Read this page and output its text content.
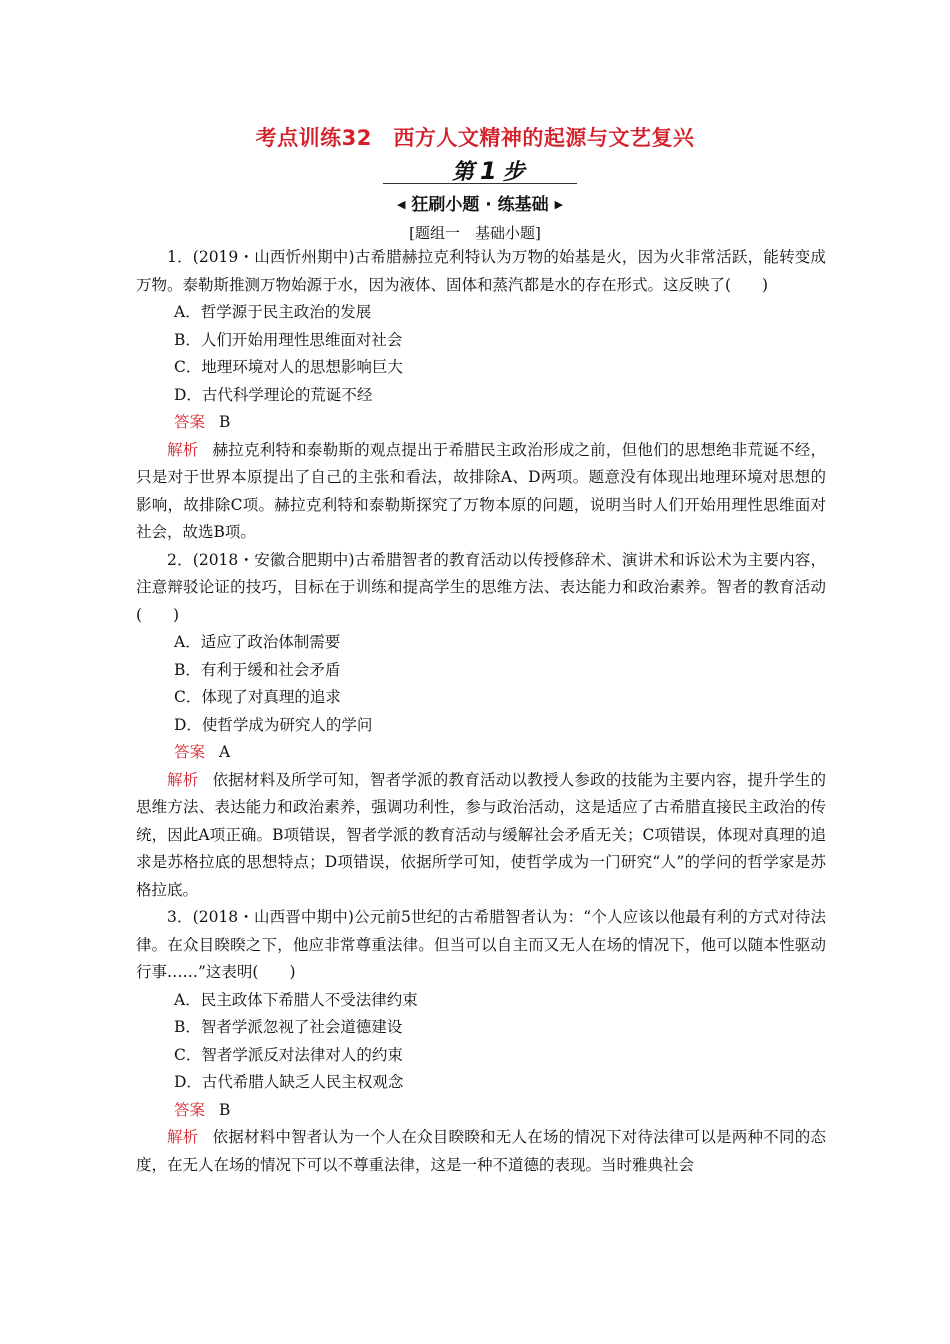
考点训练32　西方人文精神的起源与文艺复兴
第1步
◀ 狂刷小题 · 练基础 ▶
[题组一　基础小题]

1．(2019・山西忻州期中)古希腊赫拉克利特认为万物的始基是火，因为火非常活跃，能转变成万物。泰勒斯推测万物始源于水，因为液体、固体和蒸汽都是水的存在形式。这反映了(　　)

A．哲学源于民主政治的发展

B．人们开始用理性思维面对社会

C．地理环境对人的思想影响巨大

D．古代科学理论的荒诞不经

答案 B

解析 赫拉克利特和泰勒斯的观点提出于希腊民主政治形成之前，但他们的思想绝非荒诞不经，只是对于世界本原提出了自己的主张和看法，故排除A、D两项。题意没有体现出地理环境对思想的影响，故排除C项。赫拉克利特和泰勒斯探究了万物本原的问题，说明当时人们开始用理性思维面对社会，故选B项。

2．(2018・安徽合肥期中)古希腊智者的教育活动以传授修辞术、演讲术和诉讼术为主要内容，注意辩驳论证的技巧，目标在于训练和提高学生的思维方法、表达能力和政治素养。智者的教育活动(　　)

A．适应了政治体制需要

B．有利于缓和社会矛盾

C．体现了对真理的追求

D．使哲学成为研究人的学问

答案 A

解析 依据材料及所学可知，智者学派的教育活动以教授人参政的技能为主要内容，提升学生的思维方法、表达能力和政治素养，强调功利性，参与政治活动，这是适应了古希腊直接民主政治的传统，因此A项正确。B项错误，智者学派的教育活动与缓解社会矛盾无关；C项错误，体现对真理的追求是苏格拉底的思想特点；D项错误，依据所学可知，使哲学成为一门研究“人”的学问的哲学家是苏格拉底。

3．(2018・山西晋中期中)公元前5世纪的古希腊智者认为：“个人应该以他最有利的方式对待法律。在众目睽睽之下，他应非常尊重法律。但当可以自主而又无人在场的情况下，他可以随本性驱动行事……”这表明(　　)

A．民主政体下希腊人不受法律约束

B．智者学派忽视了社会道德建设

C．智者学派反对法律对人的约束

D．古代希腊人缺乏人民主权观念

答案 B

解析 依据材料中智者认为一个人在众目睽睽和无人在场的情况下对待法律可以是两种不同的态度，在无人在场的情况下可以不尊重法律，这是一种不道德的表现。当时雅典社会
